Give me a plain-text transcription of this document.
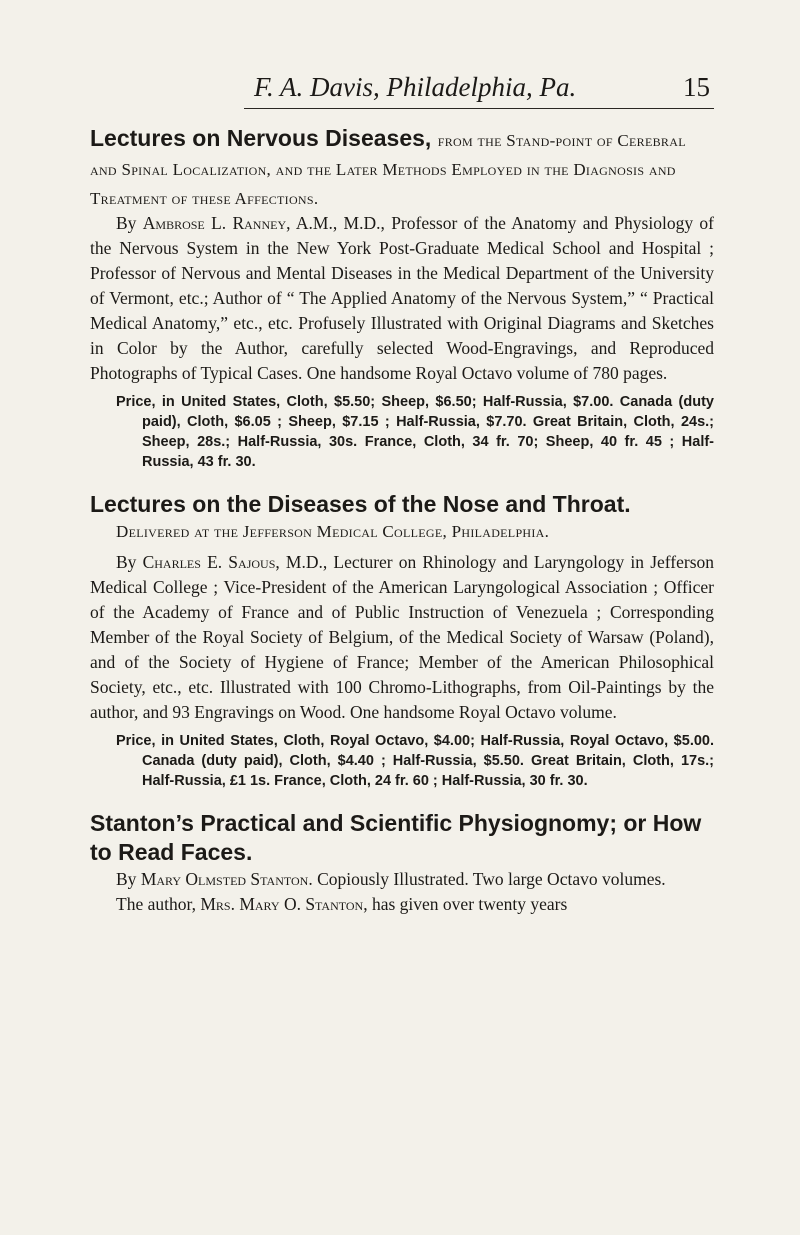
F. A. Davis, Philadelphia, Pa.	15

Lectures on Nervous Diseases, from the Stand-point of Cerebral and Spinal Localization, and the Later Methods Employed in the Diagnosis and Treatment of these Affections.

By Ambrose L. Ranney, A.M., M.D., Professor of the Anatomy and Physiology of the Nervous System in the New York Post-Graduate Medical School and Hospital ; Professor of Nervous and Mental Diseases in the Medical Department of the University of Vermont, etc.; Author of “ The Applied Anatomy of the Nervous System,” “ Practical Medical Anatomy,” etc., etc. Profusely Illustrated with Original Diagrams and Sketches in Color by the Author, carefully selected Wood-Engravings, and Reproduced Photographs of Typical Cases. One handsome Royal Octavo volume of 780 pages.

Price, in United States, Cloth, $5.50; Sheep, $6.50; Half-Russia, $7.00. Canada (duty paid), Cloth, $6.05 ; Sheep, $7.15 ; Half-Russia, $7.70. Great Britain, Cloth, 24s.; Sheep, 28s.; Half-Russia, 30s. France, Cloth, 34 fr. 70; Sheep, 40 fr. 45 ; Half-Russia, 43 fr. 30.

Lectures on the Diseases of the Nose and Throat.

Delivered at the Jefferson Medical College, Philadelphia.

By Charles E. Sajous, M.D., Lecturer on Rhinology and Laryngology in Jefferson Medical College ; Vice-President of the American Laryngological Association ; Officer of the Academy of France and of Public Instruction of Venezuela ; Corresponding Member of the Royal Society of Belgium, of the Medical Society of Warsaw (Poland), and of the Society of Hygiene of France; Member of the American Philosophical Society, etc., etc. Illustrated with 100 Chromo-Lithographs, from Oil-Paintings by the author, and 93 Engravings on Wood. One handsome Royal Octavo volume.

Price, in United States, Cloth, Royal Octavo, $4.00; Half-Russia, Royal Octavo, $5.00. Canada (duty paid), Cloth, $4.40 ; Half-Russia, $5.50. Great Britain, Cloth, 17s.; Half-Russia, £1 1s. France, Cloth, 24 fr. 60 ; Half-Russia, 30 fr. 30.

Stanton’s Practical and Scientific Physiognomy; or How to Read Faces.

By Mary Olmsted Stanton. Copiously Illustrated. Two large Octavo volumes.

The author, Mrs. Mary O. Stanton, has given over twenty years
